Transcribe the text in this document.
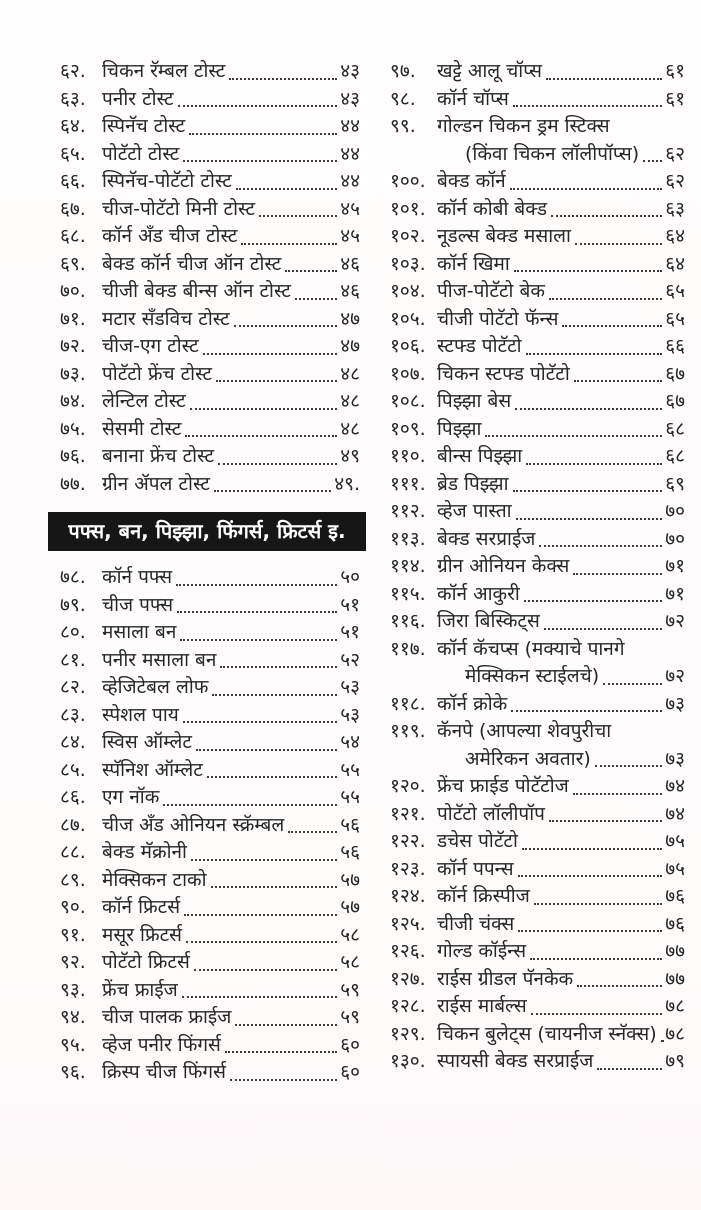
६२. चिकन रॅम्बल टोस्ट	४३
६३. पनीर टोस्ट	४३
६४. स्पिनॅच टोस्ट	४४
६५. पोटॅटो टोस्ट	४४
६६. स्पिनॅच-पोटॅटो टोस्ट	४४
६७. चीज-पोटॅटो मिनी टोस्ट	४५
६८. कॉर्न अँड चीज टोस्ट	४५
६९. बेक्ड कॉर्न चीज ऑन टोस्ट	४६
७०. चीजी बेक्ड बीन्स ऑन टोस्ट	४६
७१. मटार सँडविच टोस्ट	४७
७२. चीज-एग टोस्ट	४७
७३. पोटॅटो फ्रेंच टोस्ट	४८
७४. लेन्टिल टोस्ट	४८
७५. सेसमी टोस्ट	४८
७६. बनाना फ्रेंच टोस्ट	४९
७७. ग्रीन ॲपल टोस्ट	४९.
पफ्स, बन, पिझ्झा, फिंगर्स, फ्रिटर्स इ.
७८. कॉर्न पफ्स	५०
७९. चीज पफ्स	५१
८०. मसाला बन	५१
८१. पनीर मसाला बन	५२
८२. व्हेजिटेबल लोफ	५३
८३. स्पेशल पाय	५३
८४. स्विस ऑम्लेट	५४
८५. स्पॅनिश ऑम्लेट	५५
८६. एग नॉक	५५
८७. चीज अँड ओनियन स्क्रॅम्बल	५६
८८. बेक्ड मॅक्रोनी	५६
८९. मेक्सिकन टाको	५७
९०. कॉर्न फ्रिटर्स	५७
९१. मसूर फ्रिटर्स	५८
९२. पोटॅटो फ्रिटर्स	५८
९३. फ्रेंच फ्राईज	५९
९४. चीज पालक फ्राईज	५९
९५. व्हेज पनीर फिंगर्स	६०
९६. क्रिस्प चीज फिंगर्स	६०
९७.	खट्टे आलू चॉप्स	६१
९८.	कॉर्न चॉप्स	६१
९९.	गोल्डन चिकन ड्रम स्टिक्स
(किंवा चिकन लॉलीपॉप्स) ६२
१००. बेक्ड कॉर्न	६२
१०१. कॉर्न कोबी बेक्ड	६३
१०२. नूडल्स बेक्ड मसाला	६४
१०३. कॉर्न खिमा	६४
१०४. पीज-पोटॅटो बेक	६५
१०५. चीजी पोटॅटो फॅन्स	६५
१०६. स्टफ्ड पोटॅटो	६६
१०७. चिकन स्टफ्ड पोटॅटो	६७
१०८. पिझ्झा बेस	६७
१०९. पिझ्झा	६८
११०. बीन्स पिझ्झा	६८
१११. ब्रेड पिझ्झा	६९
११२. व्हेज पास्ता	७०
११३. बेक्ड सरप्राईज	७०
११४. ग्रीन ओनियन केक्स	७१
११५. कॉर्न आकुरी	७१
११६. जिरा बिस्किट्स	७२
११७. कॉर्न कॅचप्स (मक्याचे पानगे
मेक्सिकन स्टाईलचे)	७२
११८. कॉर्न क्रोके	७३
११९. कॅनपे (आपल्या शेवपुरीचा
अमेरिकन अवतार)	७३
१२०. फ्रेंच फ्राईड पोटॅटोज	७४
१२१. पोटॅटो लॉलीपॉप	७४
१२२. डचेस पोटॅटो	७५
१२३. कॉर्न पपन्स	७५
१२४. कॉर्न क्रिस्पीज	७६
१२५. चीजी चंक्स	७६
१२६. गोल्ड कॉईन्स	७७
१२७. राईस ग्रीडल पॅनकेक	७७
१२८. राईस मार्बल्स	७८
१२९. चिकन बुलेट्स (चायनीज स्नॅक्स) ७८
१३०. स्पायसी बेक्ड सरप्राईज	७९
